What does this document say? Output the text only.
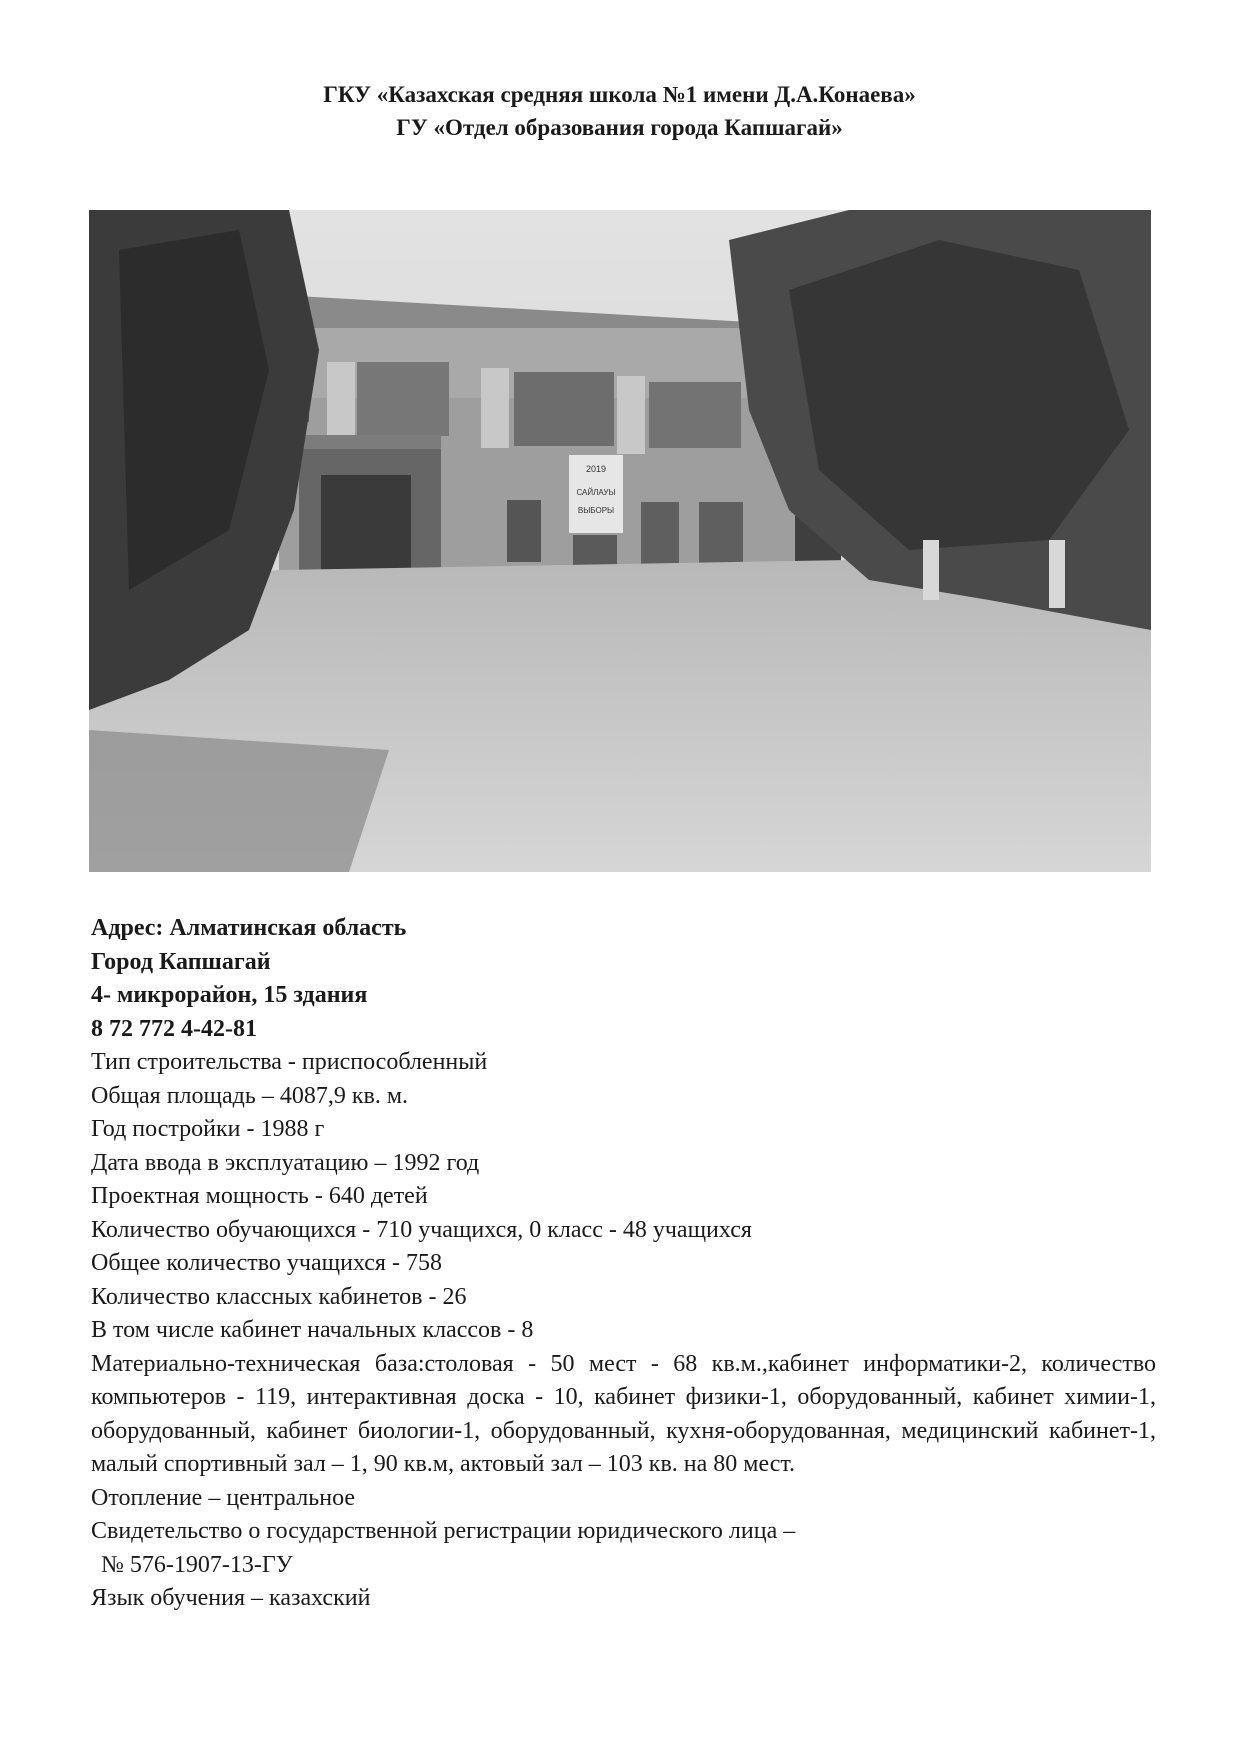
ГКУ «Казахская средняя школа №1 имени Д.А.Конаева»
ГУ «Отдел образования города Капшагай»
2019
САЙЛАУЫ
ВЫБОРЫ
Адрес: Алматинская область
Город Капшагай
4- микрорайон, 15 здания
8 72 772 4-42-81
Тип строительства - приспособленный
Общая площадь – 4087,9 кв. м.
Год постройки - 1988 г
Дата ввода в эксплуатацию – 1992 год
Проектная мощность - 640 детей
Количество обучающихся - 710 учащихся, 0 класс - 48 учащихся
Общее количество учащихся - 758
Количество классных кабинетов - 26
В том числе кабинет начальных классов - 8
Материально-техническая база:столовая - 50 мест - 68 кв.м.,кабинет информатики-2, количество компьютеров - 119, интерактивная доска - 10, кабинет физики-1, оборудованный, кабинет химии-1, оборудованный, кабинет биологии-1, оборудованный, кухня-оборудованная, медицинский кабинет-1, малый спортивный зал – 1, 90 кв.м, актовый зал – 103 кв. на 80 мест.
Отопление – центральное
Свидетельство о государственной регистрации юридического лица –
№ 576-1907-13-ГУ
Язык обучения – казахский
